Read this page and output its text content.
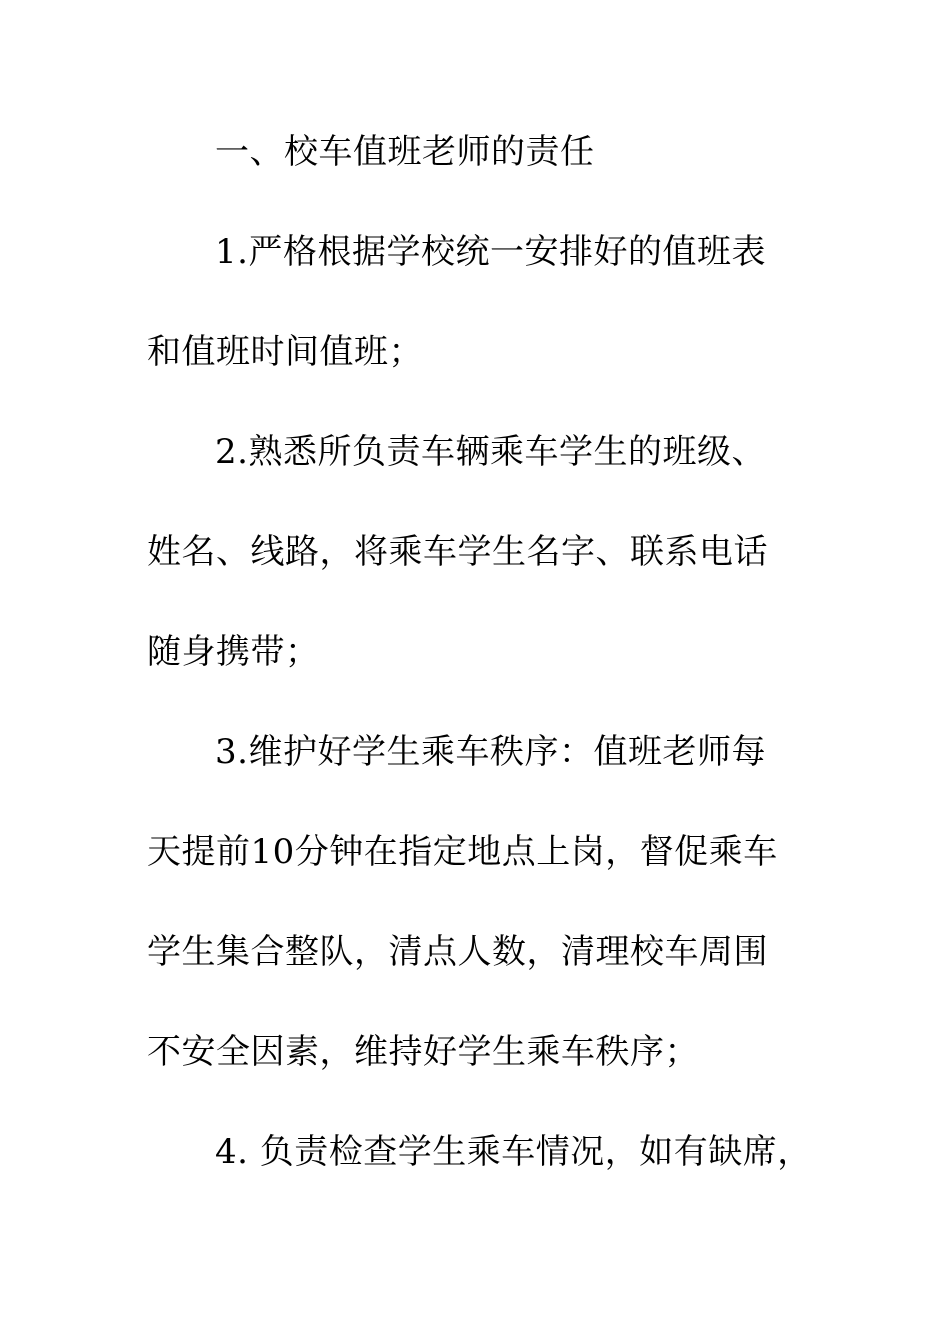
一、校车值班老师的责任
1.严格根据学校统一安排好的值班表
和值班时间值班；
2.熟悉所负责车辆乘车学生的班级、
姓名、线路，将乘车学生名字、联系电话
随身携带；
3.维护好学生乘车秩序：值班老师每
天提前10分钟在指定地点上岗，督促乘车
学生集合整队，清点人数，清理校车周围
不安全因素，维持好学生乘车秩序；
4. 负责检查学生乘车情况，如有缺席，
